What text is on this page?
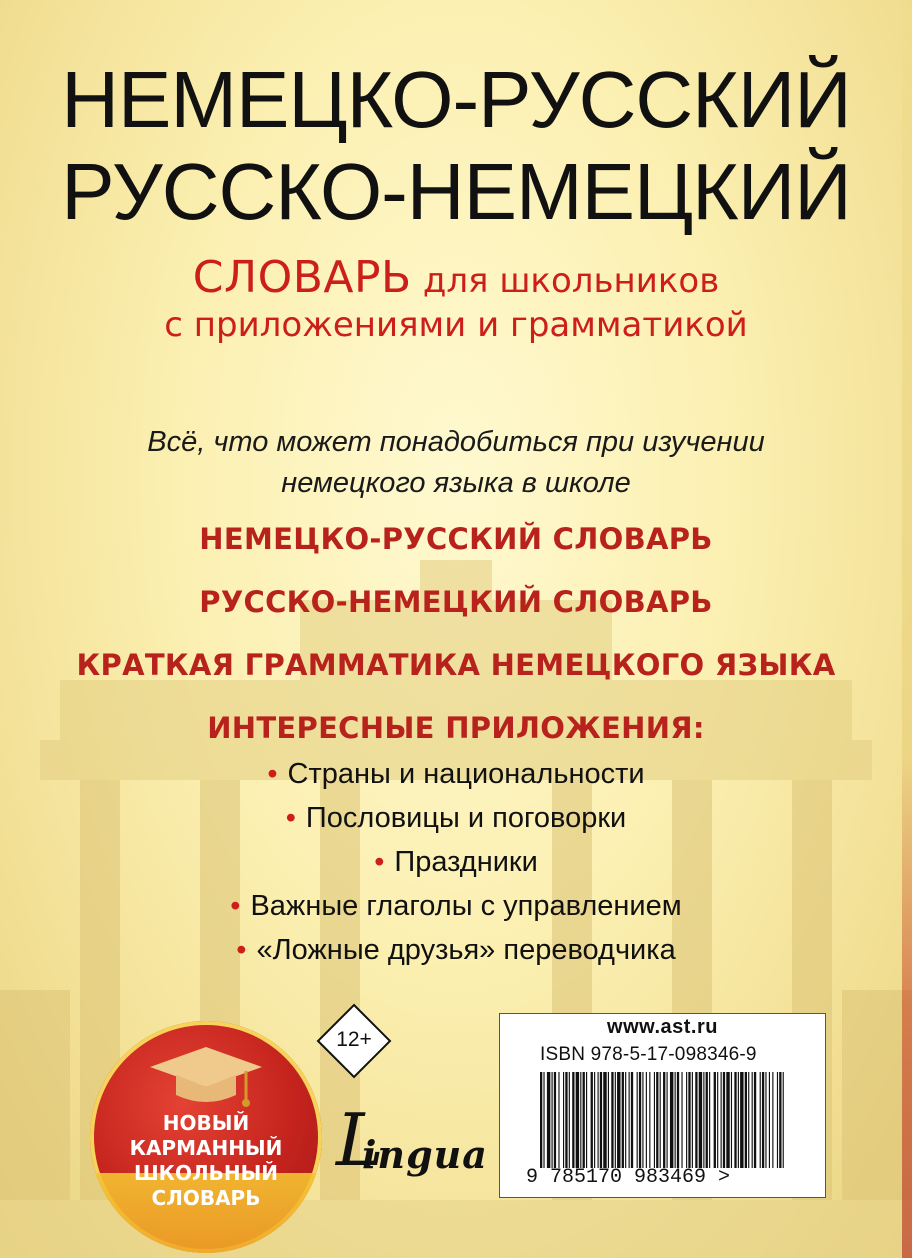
НЕМЕЦКО-РУССКИЙ
РУССКО-НЕМЕЦКИЙ
СЛОВАРЬ для школьников
с приложениями и грамматикой
Всё, что может понадобиться при изучении
немецкого языка в школе
НЕМЕЦКО-РУССКИЙ СЛОВАРЬ
РУССКО-НЕМЕЦКИЙ СЛОВАРЬ
КРАТКАЯ ГРАММАТИКА НЕМЕЦКОГО ЯЗЫКА
ИНТЕРЕСНЫЕ ПРИЛОЖЕНИЯ:
• Страны и национальности
• Пословицы и поговорки
• Праздники
• Важные глаголы с управлением
• «Ложные друзья» переводчика
12+
НОВЫЙ
КАРМАННЫЙ
ШКОЛЬНЫЙ
СЛОВАРЬ
L
ingua
www.ast.ru
ISBN 978-5-17-098346-9
9 785170 983469 >
